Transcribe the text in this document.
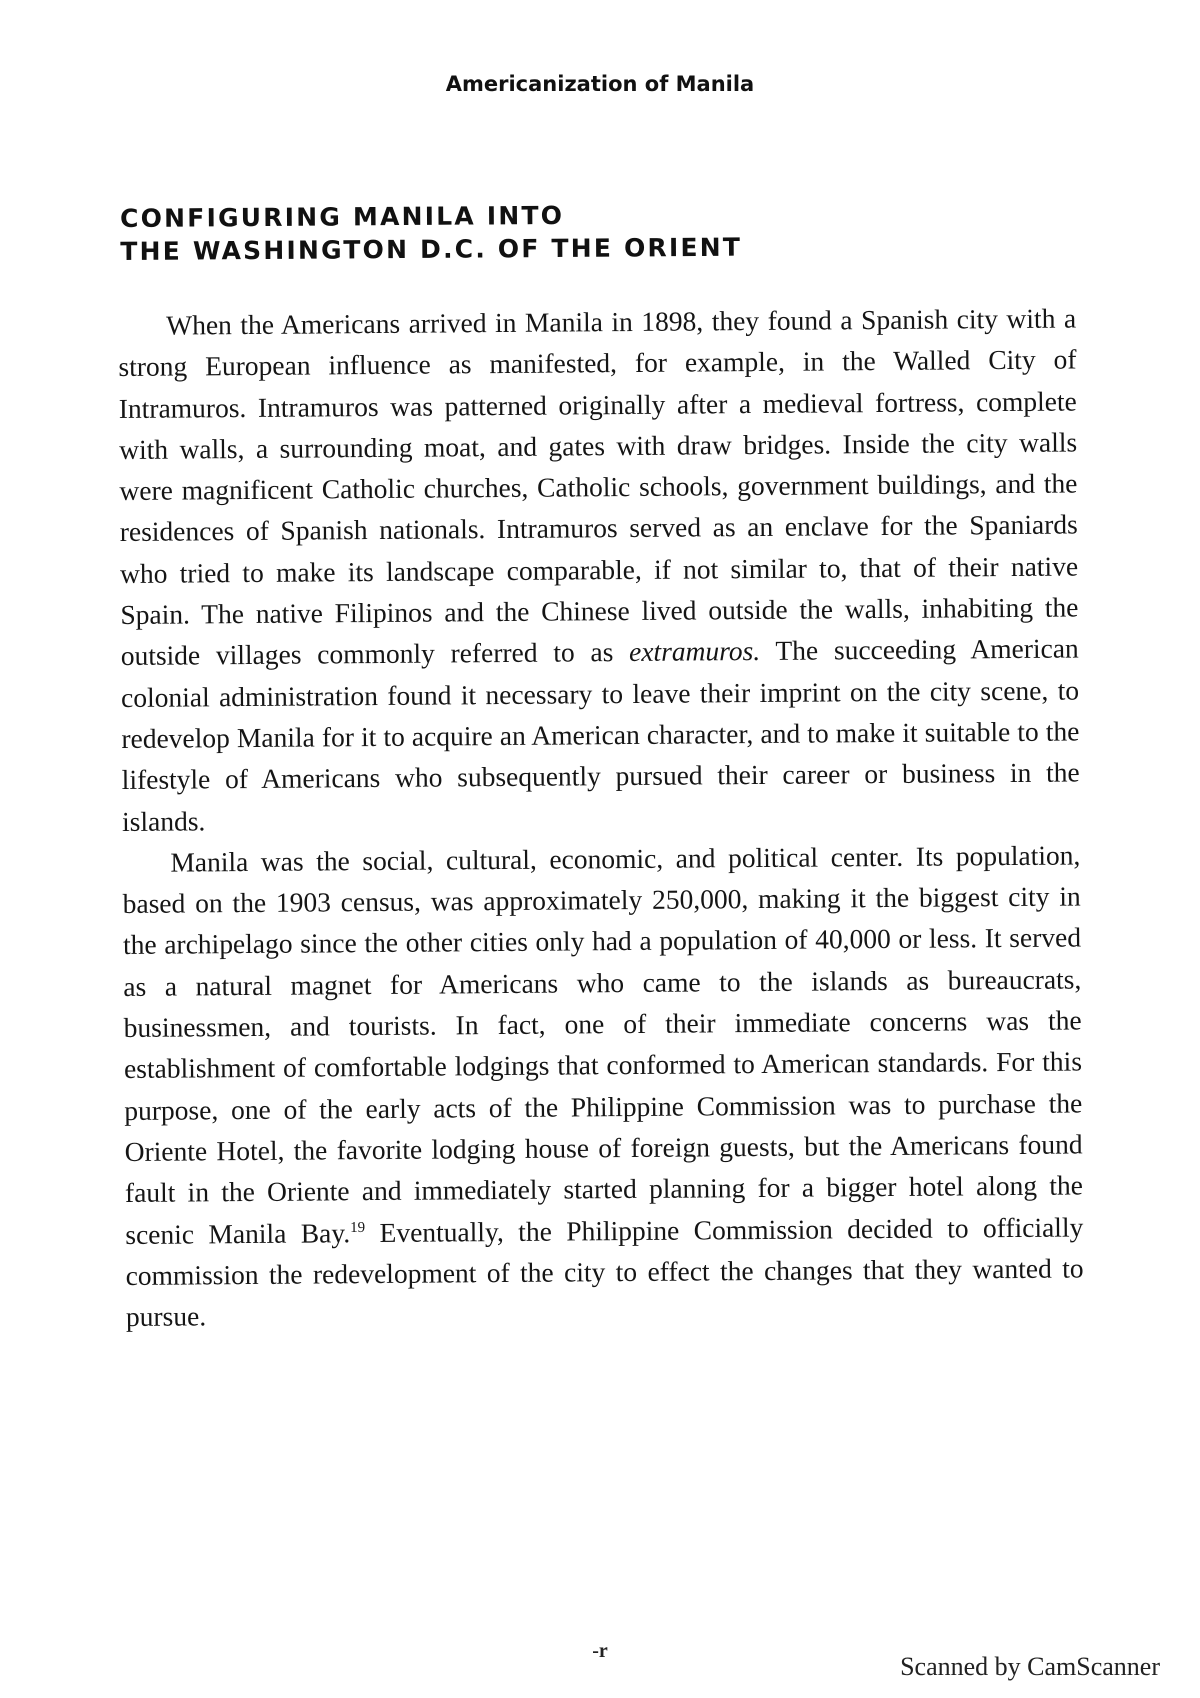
Americanization of Manila
CONFIGURING MANILA INTO
THE WASHINGTON D.C. OF THE ORIENT

When the Americans arrived in Manila in 1898, they found a Spanish city with a strong European influence as manifested, for example, in the Walled City of Intramuros. Intramuros was patterned originally after a medieval fortress, complete with walls, a surrounding moat, and gates with draw bridges. Inside the city walls were magnificent Catholic churches, Catholic schools, government buildings, and the residences of Spanish nationals. Intramuros served as an enclave for the Spaniards who tried to make its landscape comparable, if not similar to, that of their native Spain. The native Filipinos and the Chinese lived outside the walls, inhabiting the outside villages commonly referred to as extramuros. The succeeding American colonial administration found it necessary to leave their imprint on the city scene, to redevelop Manila for it to acquire an American character, and to make it suitable to the lifestyle of Americans who subsequently pursued their career or business in the islands.

Manila was the social, cultural, economic, and political center. Its population, based on the 1903 census, was approximately 250,000, making it the biggest city in the archipelago since the other cities only had a population of 40,000 or less. It served as a natural magnet for Americans who came to the islands as bureaucrats, businessmen, and tourists. In fact, one of their immediate concerns was the establishment of comfortable lodgings that conformed to American standards. For this purpose, one of the early acts of the Philippine Commission was to purchase the Oriente Hotel, the favorite lodging house of foreign guests, but the Americans found fault in the Oriente and immediately started planning for a bigger hotel along the scenic Manila Bay.$^{19}$ Eventually, the Philippine Commission decided to officially commission the redevelopment of the city to effect the changes that they wanted to pursue.

-r
Scanned by CamScanner
